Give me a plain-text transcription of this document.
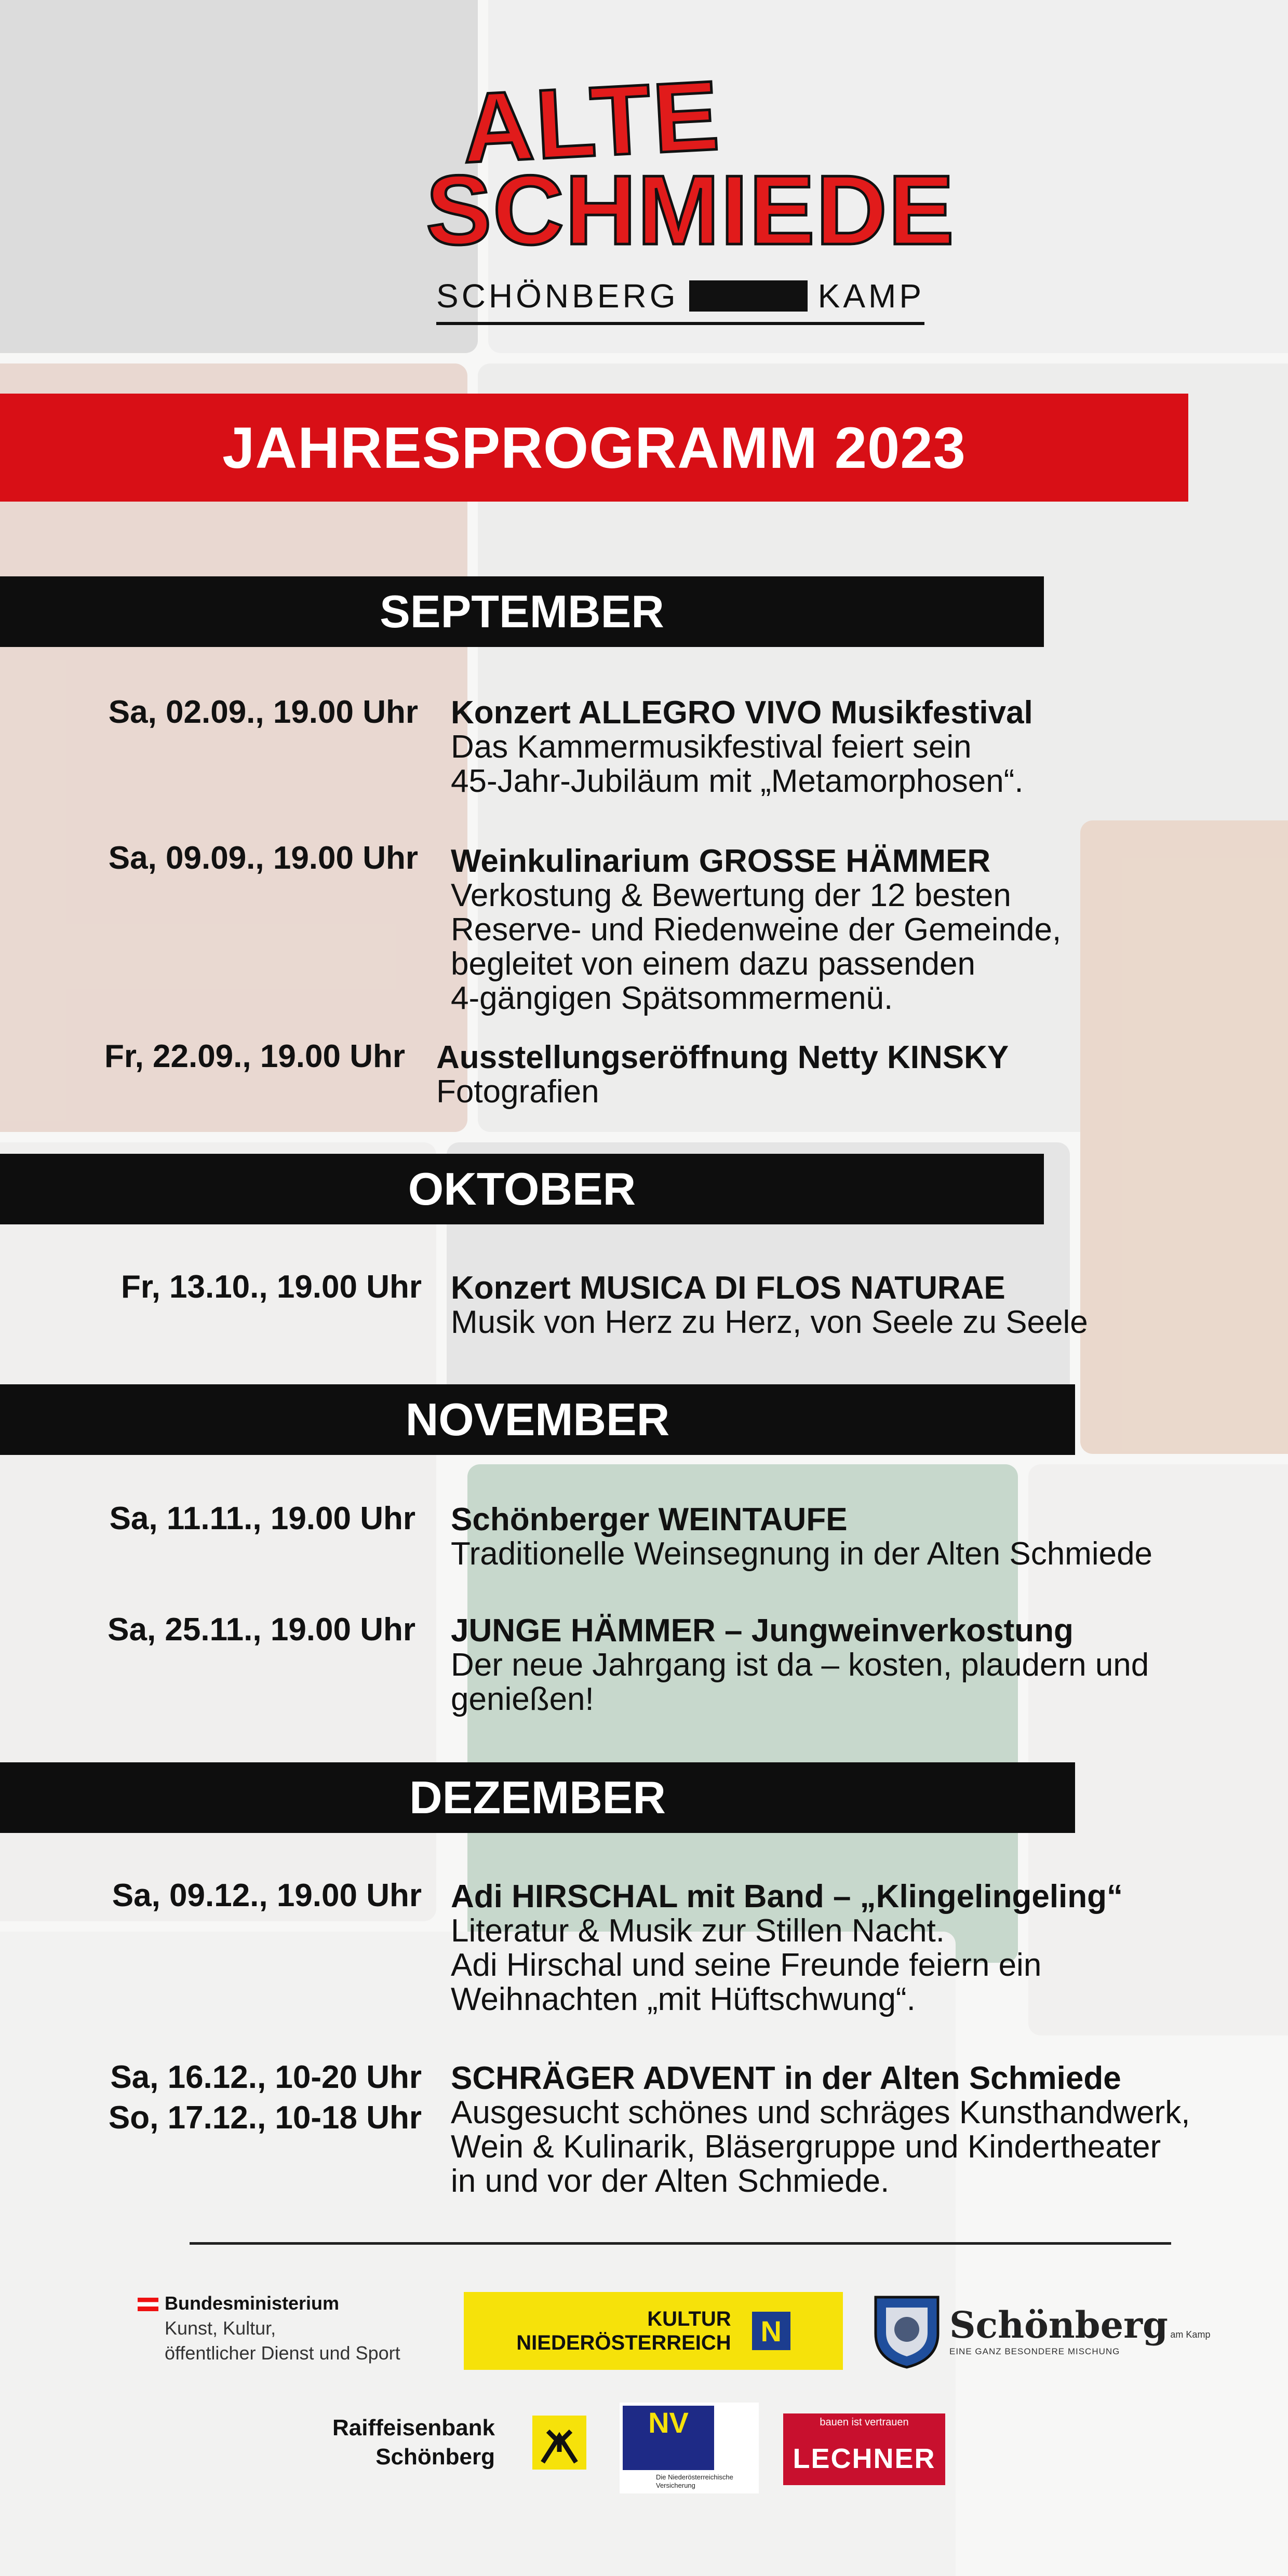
ALTE
SCHMIEDE
SCHÖNBERG	KAMP
JAHRESPROGRAMM 2023
SEPTEMBER
Sa, 02.09., 19.00 Uhr Konzert ALLEGRO VIVO Musikfestival
Das Kammermusikfestival feiert sein
45-Jahr-Jubiläum mit „Metamorphosen“.
Sa, 09.09., 19.00 Uhr Weinkulinarium GROSSE HÄMMER
Verkostung & Bewertung der 12 besten
Reserve- und Riedenweine der Gemeinde,
begleitet von einem dazu passenden
4-gängigen Spätsommermenü.
Fr, 22.09., 19.00 Uhr Ausstellungseröffnung Netty KINSKY
Fotografien
OKTOBER
Fr, 13.10., 19.00 Uhr Konzert MUSICA DI FLOS NATURAE
Musik von Herz zu Herz, von Seele zu Seele
NOVEMBER
Sa, 11.11., 19.00 Uhr Schönberger WEINTAUFE
Traditionelle Weinsegnung in der Alten Schmiede
Sa, 25.11., 19.00 Uhr JUNGE HÄMMER – Jungweinverkostung
Der neue Jahrgang ist da – kosten, plaudern und
genießen!
DEZEMBER
Sa, 09.12., 19.00 Uhr Adi HIRSCHAL mit Band – „Klingelingeling“
Literatur & Musik zur Stillen Nacht.
Adi Hirschal und seine Freunde feiern ein
Weihnachten „mit Hüftschwung“.
Sa, 16.12., 10-20 Uhr
So, 17.12., 10-18 Uhr
SCHRÄGER ADVENT in der Alten Schmiede
Ausgesucht schönes und schräges Kunsthandwerk,
Wein & Kulinarik, Bläsergruppe und Kindertheater
in und vor der Alten Schmiede.
Bundesministerium
Kunst, Kultur,
öffentlicher Dienst und Sport
KULTUR
NIEDERÖSTERREICH N	Schönberg am Kamp
EINE GANZ BESONDERE MISCHUNG
Raiffeisenbank
Schönberg
NV
Die Niederösterreichische
Versicherung
bauen ist vertrauen
LECHNER
